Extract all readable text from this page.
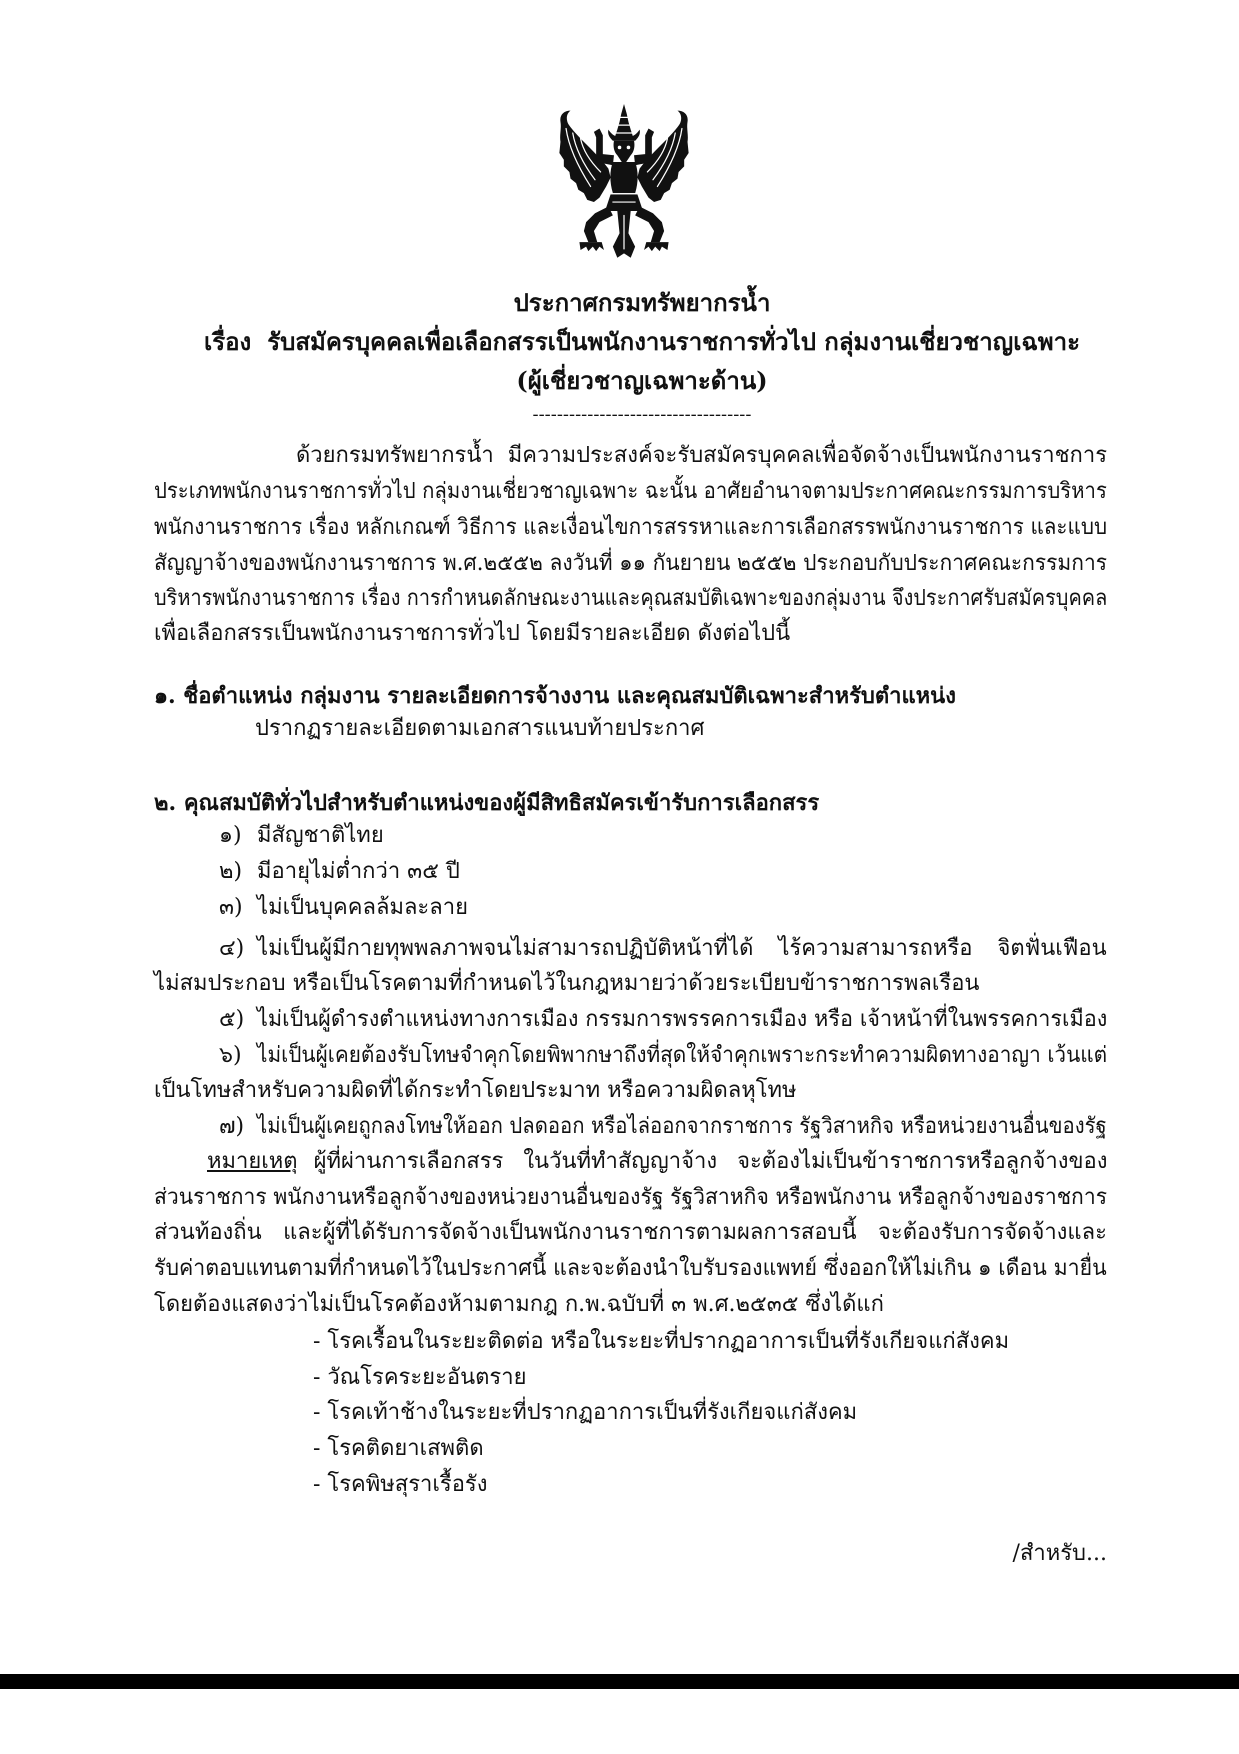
ประกาศกรมทรัพยากรน้ำ
เรื่อง รับสมัครบุคคลเพื่อเลือกสรรเป็นพนักงานราชการทั่วไป กลุ่มงานเชี่ยวชาญเฉพาะ
(ผู้เชี่ยวชาญเฉพาะด้าน)
------------------------------------
ด้วยกรมทรัพยากรน้ำ มีความประสงค์จะรับสมัครบุคคลเพื่อจัดจ้างเป็นพนักงานราชการ
ประเภทพนักงานราชการทั่วไป กลุ่มงานเชี่ยวชาญเฉพาะ ฉะนั้น อาศัยอำนาจตามประกาศคณะกรรมการบริหาร
พนักงานราชการ เรื่อง หลักเกณฑ์ วิธีการ และเงื่อนไขการสรรหาและการเลือกสรรพนักงานราชการ และแบบ
สัญญาจ้างของพนักงานราชการ พ.ศ.๒๕๕๒ ลงวันที่ ๑๑ กันยายน ๒๕๕๒ ประกอบกับประกาศคณะกรรมการ
บริหารพนักงานราชการ เรื่อง การกำหนดลักษณะงานและคุณสมบัติเฉพาะของกลุ่มงาน จึงประกาศรับสมัครบุคคล
เพื่อเลือกสรรเป็นพนักงานราชการทั่วไป โดยมีรายละเอียด ดังต่อไปนี้
๑. ชื่อตำแหน่ง กลุ่มงาน รายละเอียดการจ้างงาน และคุณสมบัติเฉพาะสำหรับตำแหน่ง
ปรากฏรายละเอียดตามเอกสารแนบท้ายประกาศ
๒. คุณสมบัติทั่วไปสำหรับตำแหน่งของผู้มีสิทธิสมัครเข้ารับการเลือกสรร
๑) มีสัญชาติไทย
๒) มีอายุไม่ต่ำกว่า ๓๕ ปี
๓) ไม่เป็นบุคคลล้มละลาย
๔) ไม่เป็นผู้มีกายทุพพลภาพจนไม่สามารถปฏิบัติหน้าที่ได้ ไร้ความสามารถหรือ จิตฟั่นเฟือน
ไม่สมประกอบ หรือเป็นโรคตามที่กำหนดไว้ในกฎหมายว่าด้วยระเบียบข้าราชการพลเรือน
๕) ไม่เป็นผู้ดำรงตำแหน่งทางการเมือง กรรมการพรรคการเมือง หรือ เจ้าหน้าที่ในพรรคการเมือง
๖) ไม่เป็นผู้เคยต้องรับโทษจำคุกโดยพิพากษาถึงที่สุดให้จำคุกเพราะกระทำความผิดทางอาญา เว้นแต่
เป็นโทษสำหรับความผิดที่ได้กระทำโดยประมาท หรือความผิดลหุโทษ
๗) ไม่เป็นผู้เคยถูกลงโทษให้ออก ปลดออก หรือไล่ออกจากราชการ รัฐวิสาหกิจ หรือหน่วยงานอื่นของรัฐ
หมายเหตุ ผู้ที่ผ่านการเลือกสรร ในวันที่ทำสัญญาจ้าง จะต้องไม่เป็นข้าราชการหรือลูกจ้างของ
ส่วนราชการ พนักงานหรือลูกจ้างของหน่วยงานอื่นของรัฐ รัฐวิสาหกิจ หรือพนักงาน หรือลูกจ้างของราชการ
ส่วนท้องถิ่น และผู้ที่ได้รับการจัดจ้างเป็นพนักงานราชการตามผลการสอบนี้ จะต้องรับการจัดจ้างและ
รับค่าตอบแทนตามที่กำหนดไว้ในประกาศนี้ และจะต้องนำใบรับรองแพทย์ ซึ่งออกให้ไม่เกิน ๑ เดือน มายื่น
โดยต้องแสดงว่าไม่เป็นโรคต้องห้ามตามกฎ ก.พ.ฉบับที่ ๓ พ.ศ.๒๕๓๕ ซึ่งได้แก่
- โรคเรื้อนในระยะติดต่อ หรือในระยะที่ปรากฏอาการเป็นที่รังเกียจแก่สังคม
- วัณโรคระยะอันตราย
- โรคเท้าช้างในระยะที่ปรากฏอาการเป็นที่รังเกียจแก่สังคม
- โรคติดยาเสพติด
- โรคพิษสุราเรื้อรัง
/สำหรับ...
